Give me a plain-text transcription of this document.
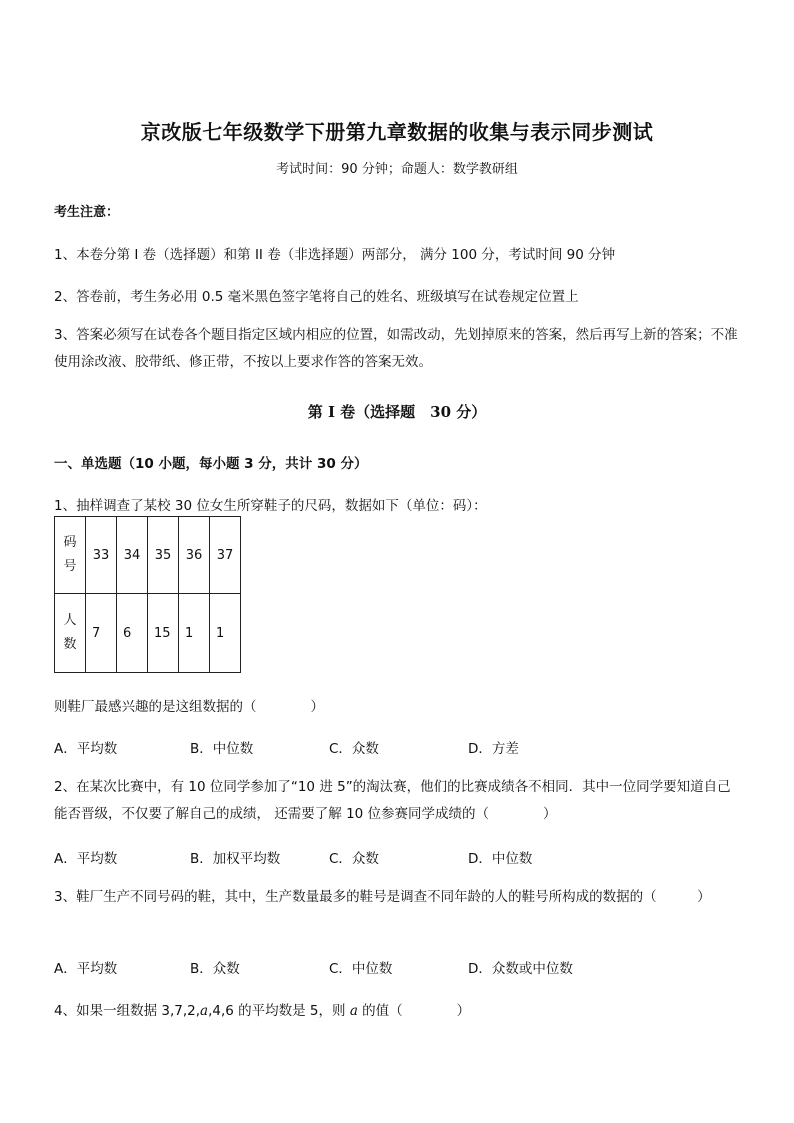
京改版七年级数学下册第九章数据的收集与表示同步测试
考试时间：90 分钟；命题人：数学教研组
考生注意：
1、本卷分第 I 卷（选择题）和第 II 卷（非选择题）两部分， 满分 100 分，考试时间 90 分钟
2、答卷前，考生务必用 0.5 毫米黑色签字笔将自己的姓名、班级填写在试卷规定位置上
3、答案必须写在试卷各个题目指定区域内相应的位置，如需改动，先划掉原来的答案，然后再写上新的答案；不准使用涂改液、胶带纸、修正带，不按以上要求作答的答案无效。
第 I 卷（选择题　30 分）
一、单选题（10 小题，每小题 3 分，共计 30 分）
1、抽样调查了某校 30 位女生所穿鞋子的尺码，数据如下（单位：码）：
码
号	33	34	35	36	37

人
数	7	6	15	1	1
则鞋厂最感兴趣的是这组数据的（　　　　）
A．平均数	B．中位数	C．众数	D．方差
2、在某次比赛中，有 10 位同学参加了“10 进 5”的淘汰赛，他们的比赛成绩各不相同．其中一位同学要知道自己能否晋级，不仅要了解自己的成绩， 还需要了解 10 位参赛同学成绩的（　　　　）
A．平均数	B．加权平均数	C．众数	D．中位数
3、鞋厂生产不同号码的鞋，其中，生产数量最多的鞋号是调查不同年龄的人的鞋号所构成的数据的（　　　）
A．平均数	B．众数	C．中位数	D．众数或中位数
4、如果一组数据 3,7,2,a,4,6 的平均数是 5，则 a 的值（　　　　）
